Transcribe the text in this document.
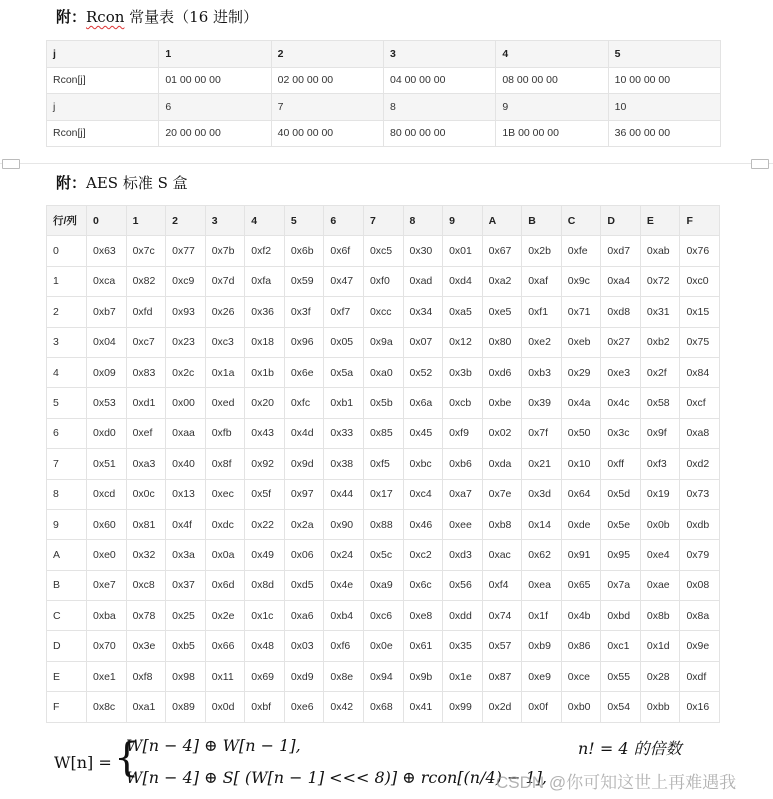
附：Rcon 常量表（16 进制）
j	1	2	3	4	5
Rcon[j]	01 00 00 00	02 00 00 00	04 00 00 00	08 00 00 00	10 00 00 00
j	6	7	8	9	10
Rcon[j]	20 00 00 00	40 00 00 00	80 00 00 00	1B 00 00 00	36 00 00 00
附：AES 标准 S 盒
行/列	0	1	2	3	4	5	6	7	8	9	A	B	C	D	E	F
0	0x63	0x7c	0x77	0x7b	0xf2	0x6b	0x6f	0xc5	0x30	0x01	0x67	0x2b	0xfe	0xd7	0xab	0x76
1	0xca	0x82	0xc9	0x7d	0xfa	0x59	0x47	0xf0	0xad	0xd4	0xa2	0xaf	0x9c	0xa4	0x72	0xc0
2	0xb7	0xfd	0x93	0x26	0x36	0x3f	0xf7	0xcc	0x34	0xa5	0xe5	0xf1	0x71	0xd8	0x31	0x15
3	0x04	0xc7	0x23	0xc3	0x18	0x96	0x05	0x9a	0x07	0x12	0x80	0xe2	0xeb	0x27	0xb2	0x75
4	0x09	0x83	0x2c	0x1a	0x1b	0x6e	0x5a	0xa0	0x52	0x3b	0xd6	0xb3	0x29	0xe3	0x2f	0x84
5	0x53	0xd1	0x00	0xed	0x20	0xfc	0xb1	0x5b	0x6a	0xcb	0xbe	0x39	0x4a	0x4c	0x58	0xcf
6	0xd0	0xef	0xaa	0xfb	0x43	0x4d	0x33	0x85	0x45	0xf9	0x02	0x7f	0x50	0x3c	0x9f	0xa8
7	0x51	0xa3	0x40	0x8f	0x92	0x9d	0x38	0xf5	0xbc	0xb6	0xda	0x21	0x10	0xff	0xf3	0xd2
8	0xcd	0x0c	0x13	0xec	0x5f	0x97	0x44	0x17	0xc4	0xa7	0x7e	0x3d	0x64	0x5d	0x19	0x73
9	0x60	0x81	0x4f	0xdc	0x22	0x2a	0x90	0x88	0x46	0xee	0xb8	0x14	0xde	0x5e	0x0b	0xdb
A	0xe0	0x32	0x3a	0x0a	0x49	0x06	0x24	0x5c	0xc2	0xd3	0xac	0x62	0x91	0x95	0xe4	0x79
B	0xe7	0xc8	0x37	0x6d	0x8d	0xd5	0x4e	0xa9	0x6c	0x56	0xf4	0xea	0x65	0x7a	0xae	0x08
C	0xba	0x78	0x25	0x2e	0x1c	0xa6	0xb4	0xc6	0xe8	0xdd	0x74	0x1f	0x4b	0xbd	0x8b	0x8a
D	0x70	0x3e	0xb5	0x66	0x48	0x03	0xf6	0x0e	0x61	0x35	0x57	0xb9	0x86	0xc1	0x1d	0x9e
E	0xe1	0xf8	0x98	0x11	0x69	0xd9	0x8e	0x94	0x9b	0x1e	0x87	0xe9	0xce	0x55	0x28	0xdf
F	0x8c	0xa1	0x89	0x0d	0xbf	0xe6	0x42	0x68	0x41	0x99	0x2d	0x0f	0xb0	0x54	0xbb	0x16
W[n] = {
W[n − 4] ⊕ W[n − 1],	n! = 4 的倍数
W[n − 4] ⊕ S[ (W[n − 1] <<< 8)] ⊕ rcon[(n/4) − 1],
CSDN @你可知这世上再难遇我
